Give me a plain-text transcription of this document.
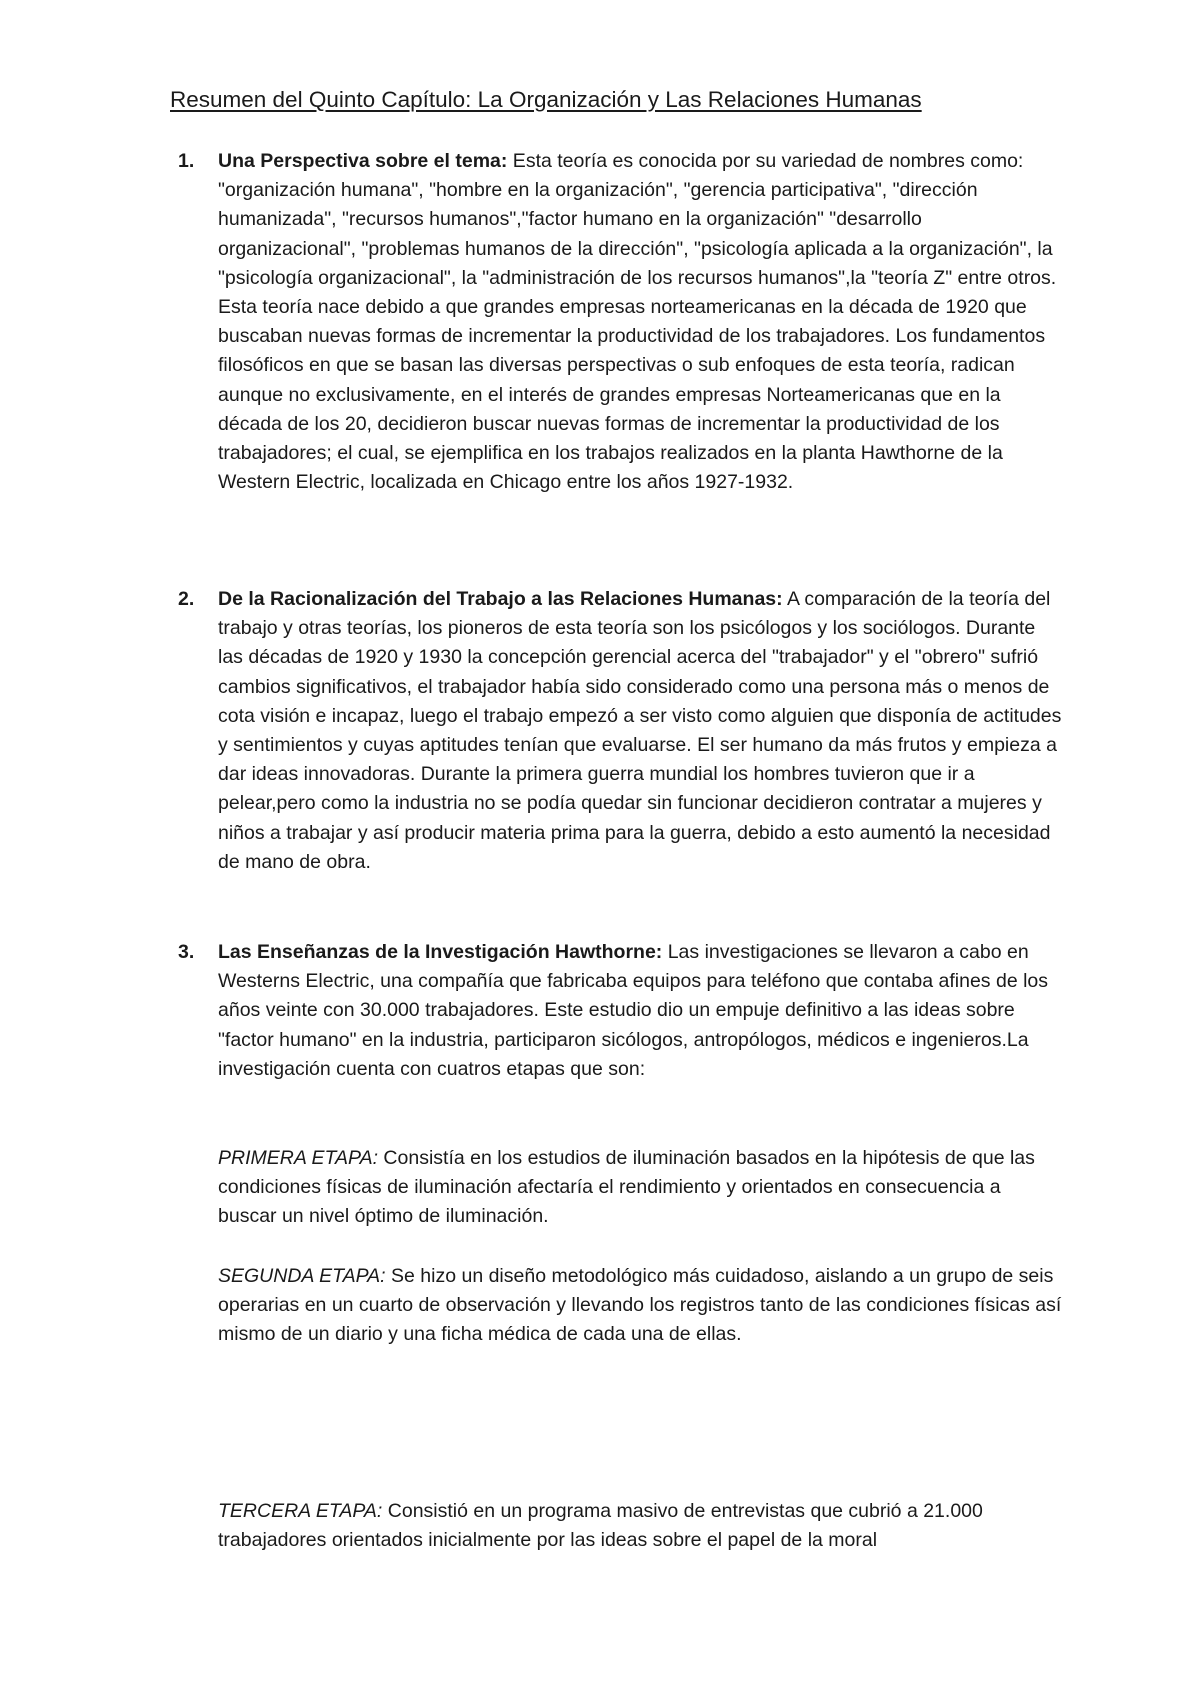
Resumen del Quinto Capítulo: La Organización y Las Relaciones Humanas
1. Una Perspectiva sobre el tema: Esta teoría es conocida por su variedad de nombres como: "organización humana", "hombre en la organización", "gerencia participativa", "dirección humanizada", "recursos humanos","factor humano en la organización" "desarrollo organizacional", "problemas humanos de la dirección", "psicología aplicada a la organización", la "psicología organizacional", la "administración de los recursos humanos",la "teoría Z" entre otros. Esta teoría nace debido a que grandes empresas norteamericanas en la década de 1920 que buscaban nuevas formas de incrementar la productividad de los trabajadores. Los fundamentos filosóficos en que se basan las diversas perspectivas o sub enfoques de esta teoría, radican aunque no exclusivamente, en el interés de grandes empresas Norteamericanas que en la década de los 20, decidieron buscar nuevas formas de incrementar la productividad de los trabajadores; el cual, se ejemplifica en los trabajos realizados en la planta Hawthorne de la Western Electric, localizada en Chicago entre los años 1927-1932.
2. De la Racionalización del Trabajo a las Relaciones Humanas: A comparación de la teoría del trabajo y otras teorías, los pioneros de esta teoría son los psicólogos y los sociólogos. Durante las décadas de 1920 y 1930 la concepción gerencial acerca del "trabajador" y el "obrero" sufrió cambios significativos, el trabajador había sido considerado como una persona más o menos de cota visión e incapaz, luego el trabajo empezó a ser visto como alguien que disponía de actitudes y sentimientos y cuyas aptitudes tenían que evaluarse. El ser humano da más frutos y empieza a dar ideas innovadoras. Durante la primera guerra mundial los hombres tuvieron que ir a pelear,pero como la industria no se podía quedar sin funcionar decidieron contratar a mujeres y niños a trabajar y así producir materia prima para la guerra, debido a esto aumentó la necesidad de mano de obra.
3. Las Enseñanzas de la Investigación Hawthorne: Las investigaciones se llevaron a cabo en Westerns Electric, una compañía que fabricaba equipos para teléfono que contaba afines de los años veinte con 30.000 trabajadores. Este estudio dio un empuje definitivo a las ideas sobre "factor humano" en la industria, participaron sicólogos, antropólogos, médicos e ingenieros.La investigación cuenta con cuatros etapas que son:
PRIMERA ETAPA: Consistía en los estudios de iluminación basados en la hipótesis de que las condiciones físicas de iluminación afectaría el rendimiento y orientados en consecuencia a buscar un nivel óptimo de iluminación.
SEGUNDA ETAPA: Se hizo un diseño metodológico más cuidadoso, aislando a un grupo de seis operarias en un cuarto de observación y llevando los registros tanto de las condiciones físicas así mismo de un diario y una ficha médica de cada una de ellas.
TERCERA ETAPA: Consistió en un programa masivo de entrevistas que cubrió a 21.000 trabajadores orientados inicialmente por las ideas sobre el papel de la moral
